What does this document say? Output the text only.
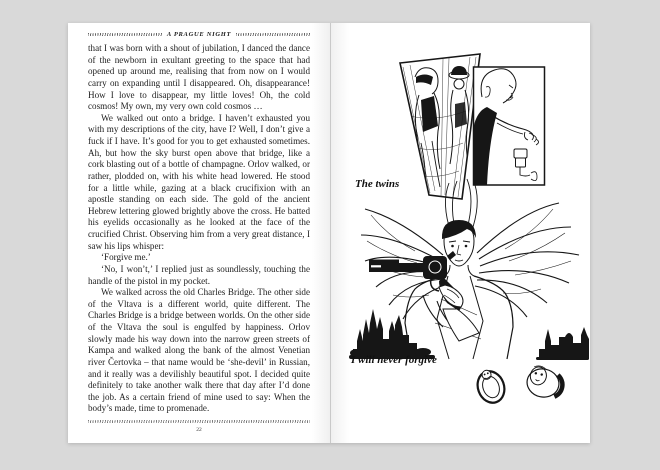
A PRAGUE NIGHT

that I was born with a shout of jubilation, I danced the dance of the newborn in exultant greeting to the space that had opened up around me, realising that from now on I would carry on expanding until I disappeared. Oh, disappearance! How I love to disappear, my little loves! Oh, the cold cosmos! My own, my very own cold cosmos …

We walked out onto a bridge. I haven’t exhausted you with my descriptions of the city, have I? Well, I don’t give a fuck if I have. It’s good for you to get exhausted sometimes. Ah, but how the sky burst open above that bridge, like a cork blasting out of a bottle of champagne. Orlov walked, or rather, plodded on, with his white head lowered. He stood for a little while, gazing at a black crucifixion with an apostle standing on each side. The gold of the ancient Hebrew lettering glowed brightly above the cross. He batted his eyelids occasionally as he looked at the face of the crucified Christ. Observing him from a very great distance, I saw his lips whisper:

‘Forgive me.’

‘No, I won’t,’ I replied just as soundlessly, touching the handle of the pistol in my pocket.

We walked across the old Charles Bridge. The other side of the Vltava is a different world, quite different. The Charles Bridge is a bridge between worlds. On the other side of the Vltava the soul is engulfed by happiness. Orlov slowly made his way down into the narrow green streets of Kampa and walked along the bank of the almost Venetian river Čertovka – that name would be ‘she-devil’ in Russian, and it really was a devilishly beautiful spot. I decided quite definitely to take another walk there that day after I’d done the job. As a certain friend of mine used to say: When the body’s made, time to promenade.

22
The twins
I will never forgive
